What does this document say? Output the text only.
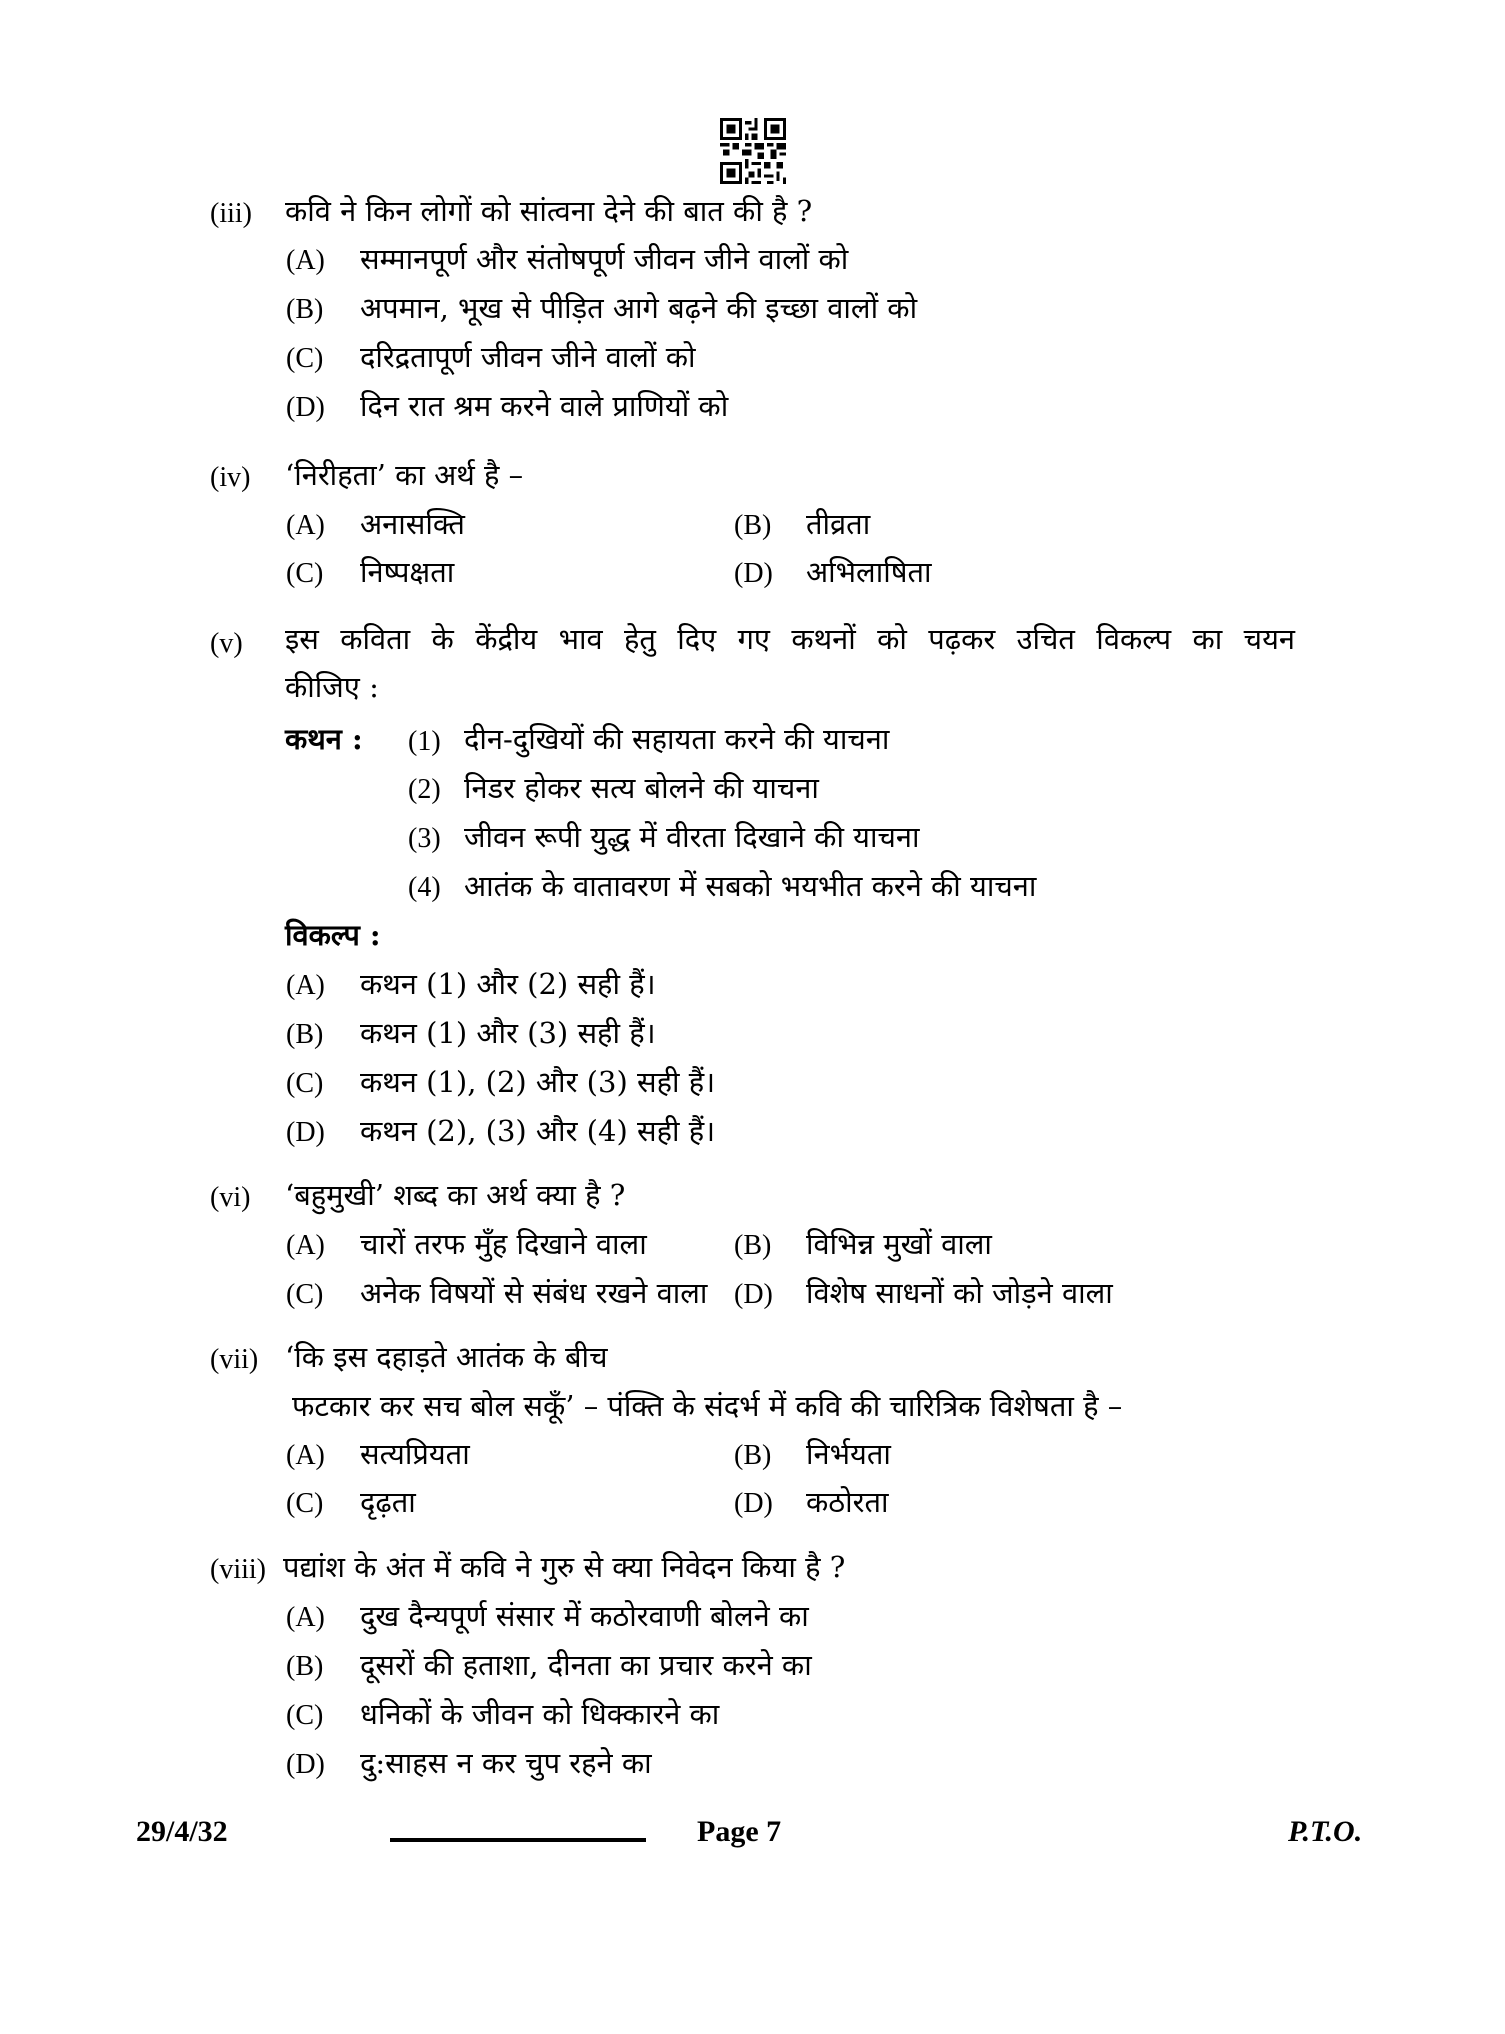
(iii) कवि ने किन लोगों को सांत्वना देने की बात की है ?
(A) सम्मानपूर्ण और संतोषपूर्ण जीवन जीने वालों को
(B) अपमान, भूख से पीड़ित आगे बढ़ने की इच्छा वालों को
(C) दरिद्रतापूर्ण जीवन जीने वालों को
(D) दिन रात श्रम करने वाले प्राणियों को
(iv) ‘निरीहता’ का अर्थ है –
(A) अनासक्ति	(B) तीव्रता
(C) निष्पक्षता	(D) अभिलाषिता
(v) इस कविता के केंद्रीय भाव हेतु दिए गए कथनों को पढ़कर उचित विकल्प का चयन
कीजिए :
कथन : (1) दीन-दुखियों की सहायता करने की याचना
(2) निडर होकर सत्य बोलने की याचना
(3) जीवन रूपी युद्ध में वीरता दिखाने की याचना
(4) आतंक के वातावरण में सबको भयभीत करने की याचना
विकल्प :
(A) कथन (1) और (2) सही हैं।
(B) कथन (1) और (3) सही हैं।
(C) कथन (1), (2) और (3) सही हैं।
(D) कथन (2), (3) और (4) सही हैं।
(vi) ‘बहुमुखी’ शब्द का अर्थ क्या है ?
(A) चारों तरफ मुँह दिखाने वाला	(B) विभिन्न मुखों वाला
(C) अनेक विषयों से संबंध रखने वाला (D) विशेष साधनों को जोड़ने वाला
(vii) ‘कि इस दहाड़ते आतंक के बीच
फटकार कर सच बोल सकूँ’ – पंक्ति के संदर्भ में कवि की चारित्रिक विशेषता है –
(A) सत्यप्रियता	(B) निर्भयता
(C) दृढ़ता	(D) कठोरता
(viii) पद्यांश के अंत में कवि ने गुरु से क्या निवेदन किया है ?
(A) दुख दैन्यपूर्ण संसार में कठोरवाणी बोलने का
(B) दूसरों की हताशा, दीनता का प्रचार करने का
(C) धनिकों के जीवन को धिक्कारने का
(D) दु:साहस न कर चुप रहने का
29/4/32	Page 7	P.T.O.
